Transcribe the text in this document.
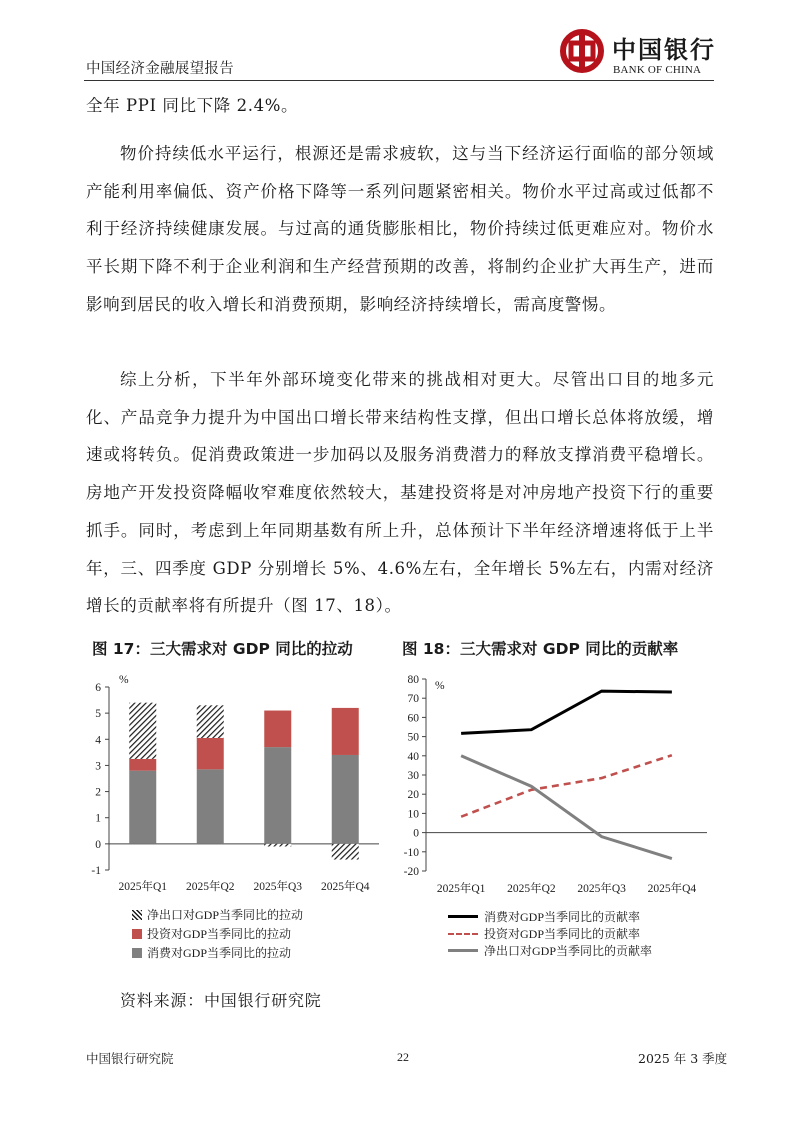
中国经济金融展望报告
中国银行
BANK OF CHINA
全年 PPI 同比下降 2.4%。
物价持续低水平运行，根源还是需求疲软，这与当下经济运行面临的部分领域产能利用率偏低、资产价格下降等一系列问题紧密相关。物价水平过高或过低都不利于经济持续健康发展。与过高的通货膨胀相比，物价持续过低更难应对。物价水平长期下降不利于企业利润和生产经营预期的改善，将制约企业扩大再生产，进而影响到居民的收入增长和消费预期，影响经济持续增长，需高度警惕。
综上分析，下半年外部环境变化带来的挑战相对更大。尽管出口目的地多元化、产品竞争力提升为中国出口增长带来结构性支撑，但出口增长总体将放缓，增速或将转负。促消费政策进一步加码以及服务消费潜力的释放支撑消费平稳增长。房地产开发投资降幅收窄难度依然较大，基建投资将是对冲房地产投资下行的重要抓手。同时，考虑到上年同期基数有所上升，总体预计下半年经济增速将低于上半年，三、四季度 GDP 分别增长 5%、4.6%左右，全年增长 5%左右，内需对经济增长的贡献率将有所提升（图 17、18）。
图 17：三大需求对 GDP 同比的拉动	图 18：三大需求对 GDP 同比的贡献率
-1
0
1
2
3
4
5
6
%
2025年Q1 2025年Q2 2025年Q3 2025年Q4
净出口对GDP当季同比的拉动
投资对GDP当季同比的拉动
消费对GDP当季同比的拉动
-20
-10
0
10
20
30
40
50
60
70
80 %
2025年Q1 2025年Q2 2025年Q3 2025年Q4
消费对GDP当季同比的贡献率
投资对GDP当季同比的贡献率
净出口对GDP当季同比的贡献率
资料来源：中国银行研究院
中国银行研究院	22	2025 年 3 季度
